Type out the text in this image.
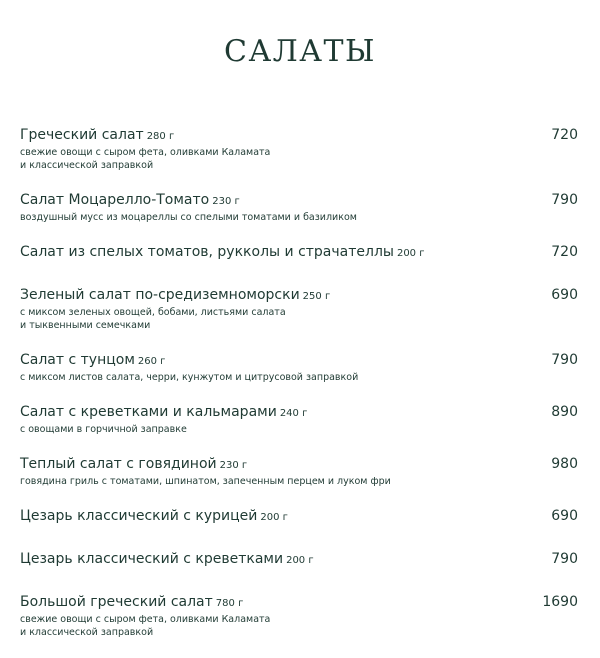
САЛАТЫ
Греческий салат 280 г	720
свежие овощи с сыром фета, оливками Каламата
и классической заправкой
Салат Моцарелло-Томато 230 г	790
воздушный мусс из моцареллы со спелыми томатами и базиликом
Салат из спелых томатов, рукколы и страчателлы 200 г	720
Зеленый салат по-средиземноморски 250 г	690
с миксом зеленых овощей, бобами, листьями салата
и тыквенными семечками
Салат с тунцом 260 г	790
с миксом листов салата, черри, кунжутом и цитрусовой заправкой
Салат с креветками и кальмарами 240 г	890
с овощами в горчичной заправке
Теплый салат с говядиной 230 г	980
говядина гриль с томатами, шпинатом, запеченным перцем и луком фри
Цезарь классический с курицей 200 г	690
Цезарь классический с креветками 200 г	790
Большой греческий салат 780 г	1690
свежие овощи с сыром фета, оливками Каламата
и классической заправкой
